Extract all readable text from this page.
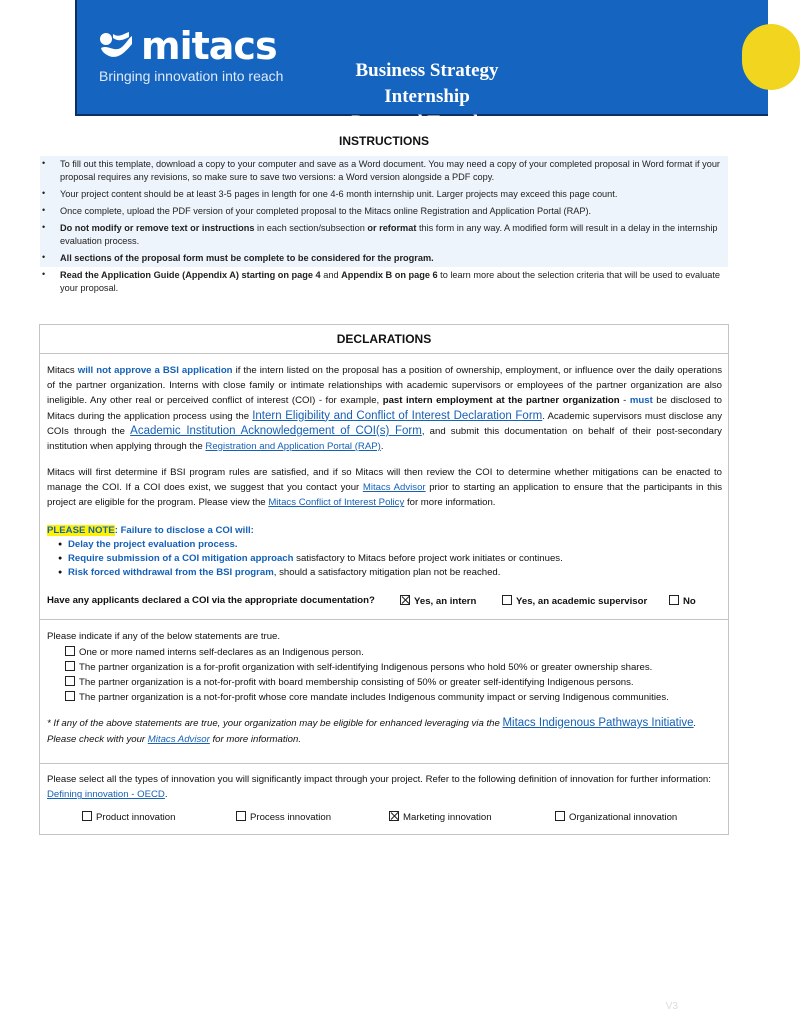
mitacs
Bringing innovation into reach	Business Strategy Internship
Proposal Template
INSTRUCTIONS
• To fill out this template, download a copy to your computer and save as a Word document. You may need a copy of your completed proposal in Word format if your proposal requires any revisions, so make sure to save two versions: a Word version alongside a PDF copy.
• Your project content should be at least 3-5 pages in length for one 4-6 month internship unit. Larger projects may exceed this page count.
• Once complete, upload the PDF version of your completed proposal to the Mitacs online Registration and Application Portal (RAP).
• Do not modify or remove text or instructions in each section/subsection or reformat this form in any way. A modified form will result in a delay in the internship evaluation process.
• All sections of the proposal form must be complete to be considered for the program.
• Read the Application Guide (Appendix A) starting on page 4 and Appendix B on page 6 to learn more about the selection criteria that will be used to evaluate your proposal.
DECLARATIONS
Mitacs will not approve a BSI application if the intern listed on the proposal has a position of ownership, employment, or influence over the daily operations of the partner organization. Interns with close family or intimate relationships with academic supervisors or employees of the partner organization are also ineligible. Any other real or perceived conflict of interest (COI) - for example, past intern employment at the partner organization - must be disclosed to Mitacs during the application process using the Intern Eligibility and Conflict of Interest Declaration Form. Academic supervisors must disclose any COIs through the Academic Institution Acknowledgement of COI(s) Form, and submit this documentation on behalf of their post-secondary institution when applying through the Registration and Application Portal (RAP).
Mitacs will first determine if BSI program rules are satisfied, and if so Mitacs will then review the COI to determine whether mitigations can be enacted to manage the COI. If a COI does exist, we suggest that you contact your Mitacs Advisor prior to starting an application to ensure that the participants in this project are eligible for the program. Please view the Mitacs Conflict of Interest Policy for more information.
PLEASE NOTE: Failure to disclose a COI will:
● Delay the project evaluation process.
● Require submission of a COI mitigation approach satisfactory to Mitacs before project work initiates or continues.
● Risk forced withdrawal from the BSI program, should a satisfactory mitigation plan not be reached.
Have any applicants declared a COI via the appropriate documentation?	Yes, an intern	Yes, an academic supervisor	No
Please indicate if any of the below statements are true.
One or more named interns self-declares as an Indigenous person.
The partner organization is a for-profit organization with self-identifying Indigenous persons who hold 50% or greater ownership shares.
The partner organization is a not-for-profit with board membership consisting of 50% or greater self-identifying Indigenous persons.
The partner organization is a not-for-profit whose core mandate includes Indigenous community impact or serving Indigenous communities.
* If any of the above statements are true, your organization may be eligible for enhanced leveraging via the Mitacs Indigenous Pathways Initiative. Please check with your Mitacs Advisor for more information.
Please select all the types of innovation you will significantly impact through your project. Refer to the following definition of innovation for further information: Defining innovation - OECD.
Product innovation	Process innovation	Marketing innovation	Organizational innovation
V3
